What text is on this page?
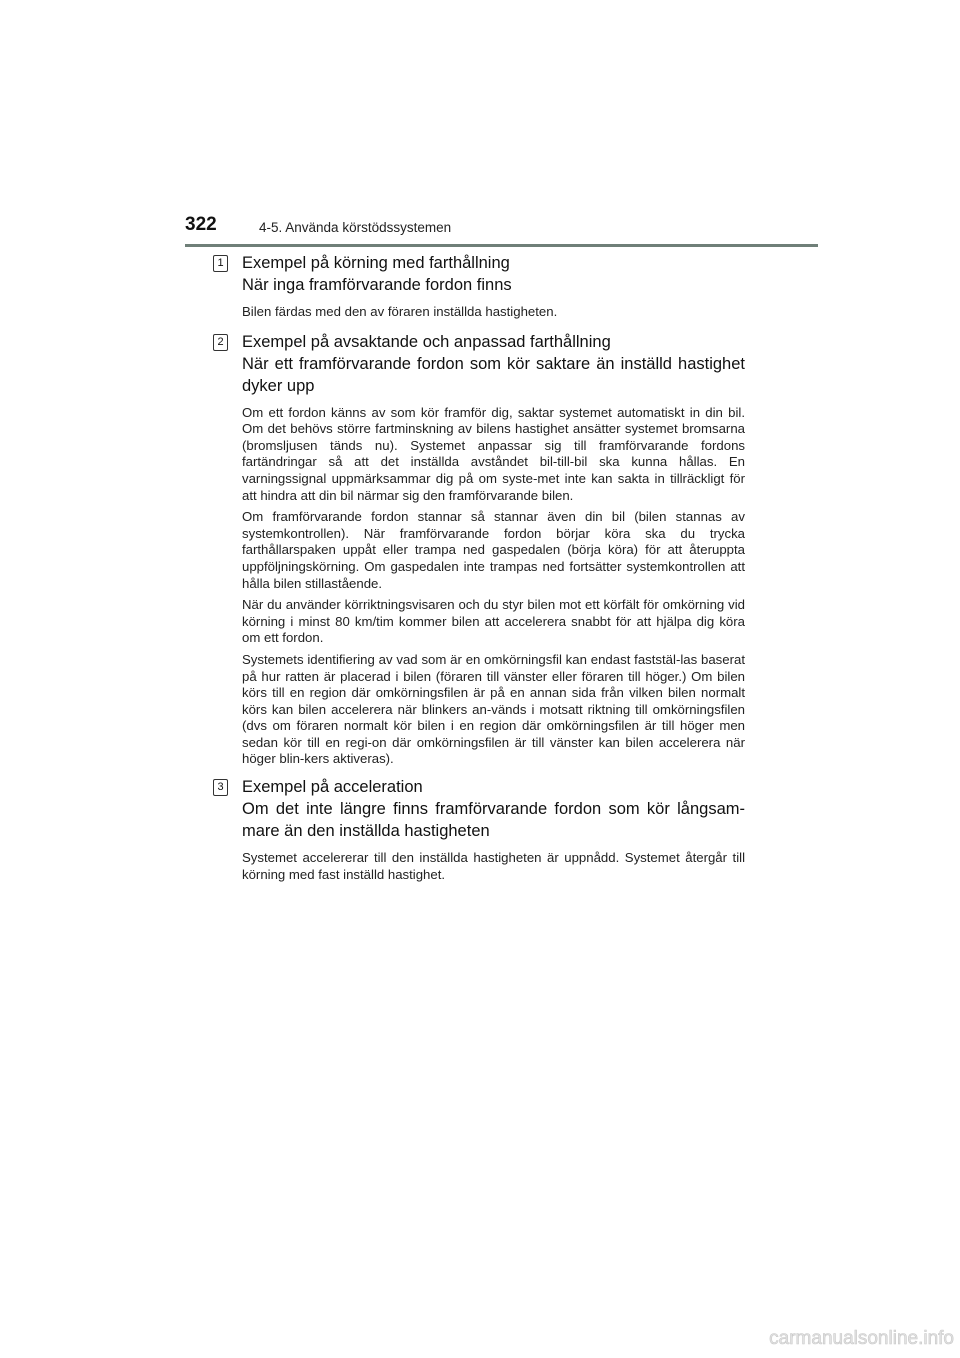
322	4-5. Använda körstödssystemen
1 Exempel på körning med farthållning
När inga framförvarande fordon finns

Bilen färdas med den av föraren inställda hastigheten.

2 Exempel på avsaktande och anpassad farthållning
När ett framförvarande fordon som kör saktare än inställd hastighet dyker upp

Om ett fordon känns av som kör framför dig, saktar systemet automatiskt in din bil. Om det behövs större fartminskning av bilens hastighet ansätter systemet bromsarna (bromsljusen tänds nu). Systemet anpassar sig till framförvarande fordons fartändringar så att det inställda avståndet bil-till-bil ska kunna hållas. En varningssignal uppmärksammar dig på om syste-met inte kan sakta in tillräckligt för att hindra att din bil närmar sig den framförvarande bilen.

Om framförvarande fordon stannar så stannar även din bil (bilen stannas av systemkontrollen). När framförvarande fordon börjar köra ska du trycka farthållarspaken uppåt eller trampa ned gaspedalen (börja köra) för att återuppta uppföljningskörning. Om gaspedalen inte trampas ned fortsätter systemkontrollen att hålla bilen stillastående.

När du använder körriktningsvisaren och du styr bilen mot ett körfält för omkörning vid körning i minst 80 km/tim kommer bilen att accelerera snabbt för att hjälpa dig köra om ett fordon.

Systemets identifiering av vad som är en omkörningsfil kan endast faststäl-las baserat på hur ratten är placerad i bilen (föraren till vänster eller föraren till höger.) Om bilen körs till en region där omkörningsfilen är på en annan sida från vilken bilen normalt körs kan bilen accelerera när blinkers an-vänds i motsatt riktning till omkörningsfilen (dvs om föraren normalt kör bilen i en region där omkörningsfilen är till höger men sedan kör till en regi-on där omkörningsfilen är till vänster kan bilen accelerera när höger blin-kers aktiveras).

3 Exempel på acceleration
Om det inte längre finns framförvarande fordon som kör långsam-mare än den inställda hastigheten

Systemet accelererar till den inställda hastigheten är uppnådd. Systemet återgår till körning med fast inställd hastighet.

carmanualsonline.info
